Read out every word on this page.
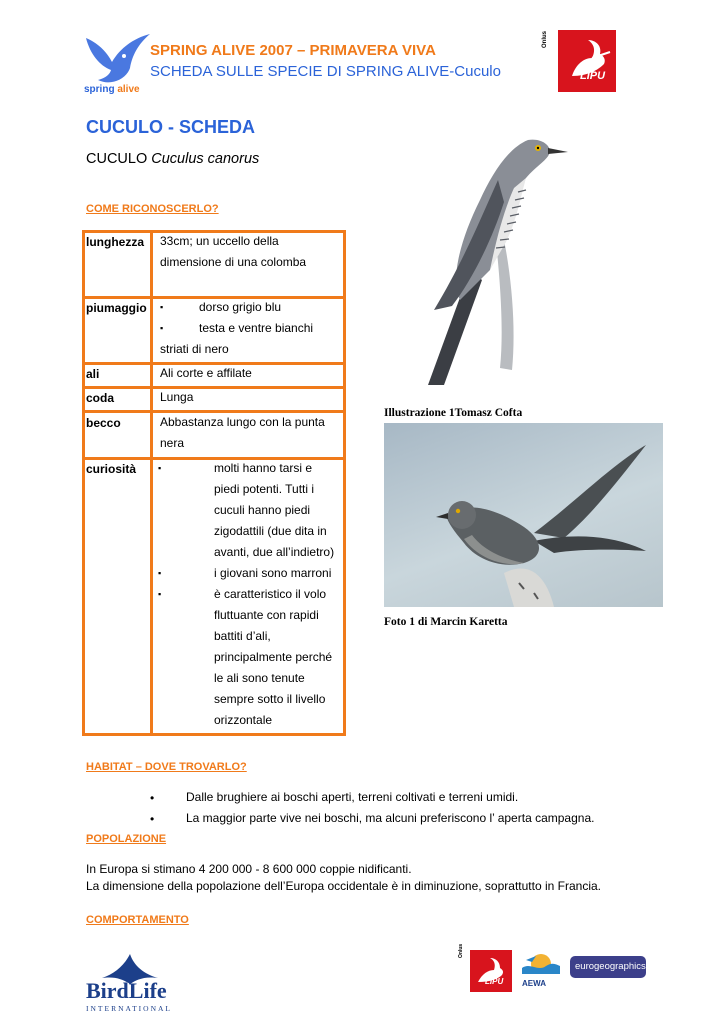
spring alive
SPRING ALIVE 2007 – PRIMAVERA VIVA
SCHEDA SULLE SPECIE DI SPRING ALIVE-Cuculo
Onlus
LIPU
CUCULO - SCHEDA
CUCULO Cuculus canorus
COME RICONOSCERLO?
lunghezza 33cm; un uccello della
dimensione di una colomba
piumaggio ▪	dorso grigio blu
▪	testa e ventre bianchi
striati di nero
ali	Ali corte e affilate
coda	Lunga
becco	Abbastanza lungo con la punta
nera
curiosità ▪	molti hanno tarsi e
piedi potenti. Tutti i
cuculi hanno piedi
zigodattili (due dita in
avanti, due all’indietro)
▪	i giovani sono marroni
▪	è caratteristico il volo
fluttuante con rapidi
battiti d’ali,
principalmente perché
le ali sono tenute
sempre sotto il livello
orizzontale
Illustrazione 1Tomasz Cofta
Foto 1 di Marcin Karetta
HABITAT – DOVE TROVARLO?
•	Dalle brughiere ai boschi aperti, terreni coltivati e terreni umidi.
•	La maggior parte vive nei boschi, ma alcuni preferiscono l’ aperta campagna.
POPOLAZIONE
In Europa si stimano 4 200 000 - 8 600 000 coppie nidificanti.
La dimensione della popolazione dell’Europa occidentale è in diminuzione, soprattutto in Francia.
COMPORTAMENTO
BirdLife
INTERNATIONAL
Onlus
LIPU AEWA
eurogeographics
